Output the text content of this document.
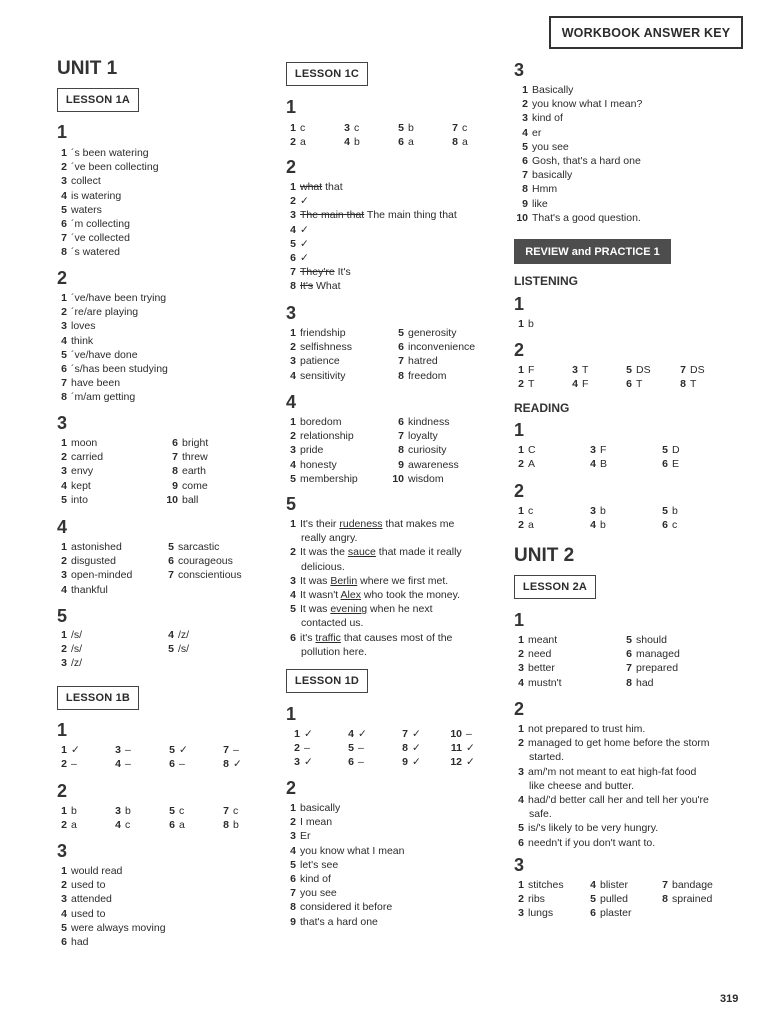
WORKBOOK ANSWER KEY
UNIT 1
LESSON 1A
1
1 ´s been watering
2 ´ve been collecting
3 collect
4 is watering
5 waters
6 ´m collecting
7 ´ve collected
8 ´s watered
2
1 ´ve/have been trying
2 ´re/are playing
3 loves
4 think
5 ´ve/have done
6 ´s/has been studying
7 have been
8 ´m/am getting
3
1 moon
2 carried
3 envy
4 kept
5 into
6 bright
7 threw
8 earth
9 come
10 ball
4
1 astonished
2 disgusted
3 open-minded
4 thankful
5 sarcastic
6 courageous
7 conscientious
5
1 /s/
2 /s/
3 /z/
4 /z/
5 /s/
LESSON 1B
1
1 ✓	3 –	5 ✓	7 –
2 –	4 –	6 –	8 ✓
2
1 b	3 b	5 c	7 c
2 a	4 c	6 a	8 b
3
1 would read
2 used to
3 attended
4 used to
5 were always moving
6 had
LESSON 1C
1
1 c	3 c	5 b	7 c
2 a	4 b	6 a	8 a
2
1 what that
2 ✓
3 The main that The main thing that
4 ✓
5 ✓
6 ✓
7 They're It's
8 It's What
3
1 friendship
2 selfishness
3 patience
4 sensitivity
5 generosity
6 inconvenience
7 hatred
8 freedom
4
1 boredom
2 relationship
3 pride
4 honesty
5 membership
6 kindness
7 loyalty
8 curiosity
9 awareness
10 wisdom
5
1 It's their rudeness that makes me
really angry.
2 It was the sauce that made it really
delicious.
3 It was Berlin where we first met.
4 It wasn't Alex who took the money.
5 It was evening when he next
contacted us.
6 it's traffic that causes most of the
pollution here.
LESSON 1D
1
1 ✓	4 ✓	7 ✓	10 –
2 –	5 –	8 ✓	11 ✓
3 ✓	6 –	9 ✓	12 ✓
2
1 basically
2 I mean
3 Er
4 you know what I mean
5 let's see
6 kind of
7 you see
8 considered it before
9 that's a hard one
3
1 Basically
2 you know what I mean?
3 kind of
4 er
5 you see
6 Gosh, that's a hard one
7 basically
8 Hmm
9 like
10 That's a good question.
REVIEW and PRACTICE 1
LISTENING
1
1 b
2
1 F	3 T	5 DS	7 DS
2 T	4 F	6 T	8 T
READING
1
1 C	3 F	5 D
2 A	4 B	6 E
2
1 c	3 b	5 b
2 a	4 b	6 c
UNIT 2
LESSON 2A
1
1 meant
2 need
3 better
4 mustn't
5 should
6 managed
7 prepared
8 had
2
1 not prepared to trust him.
2 managed to get home before the storm
started.
3 am/'m not meant to eat high-fat food
like cheese and butter.
4 had/'d better call her and tell her you're
safe.
5 is/'s likely to be very hungry.
6 needn't if you don't want to.
3
1 stitches	4 blister	7 bandage
2 ribs	5 pulled	8 sprained
3 lungs	6 plaster
319
